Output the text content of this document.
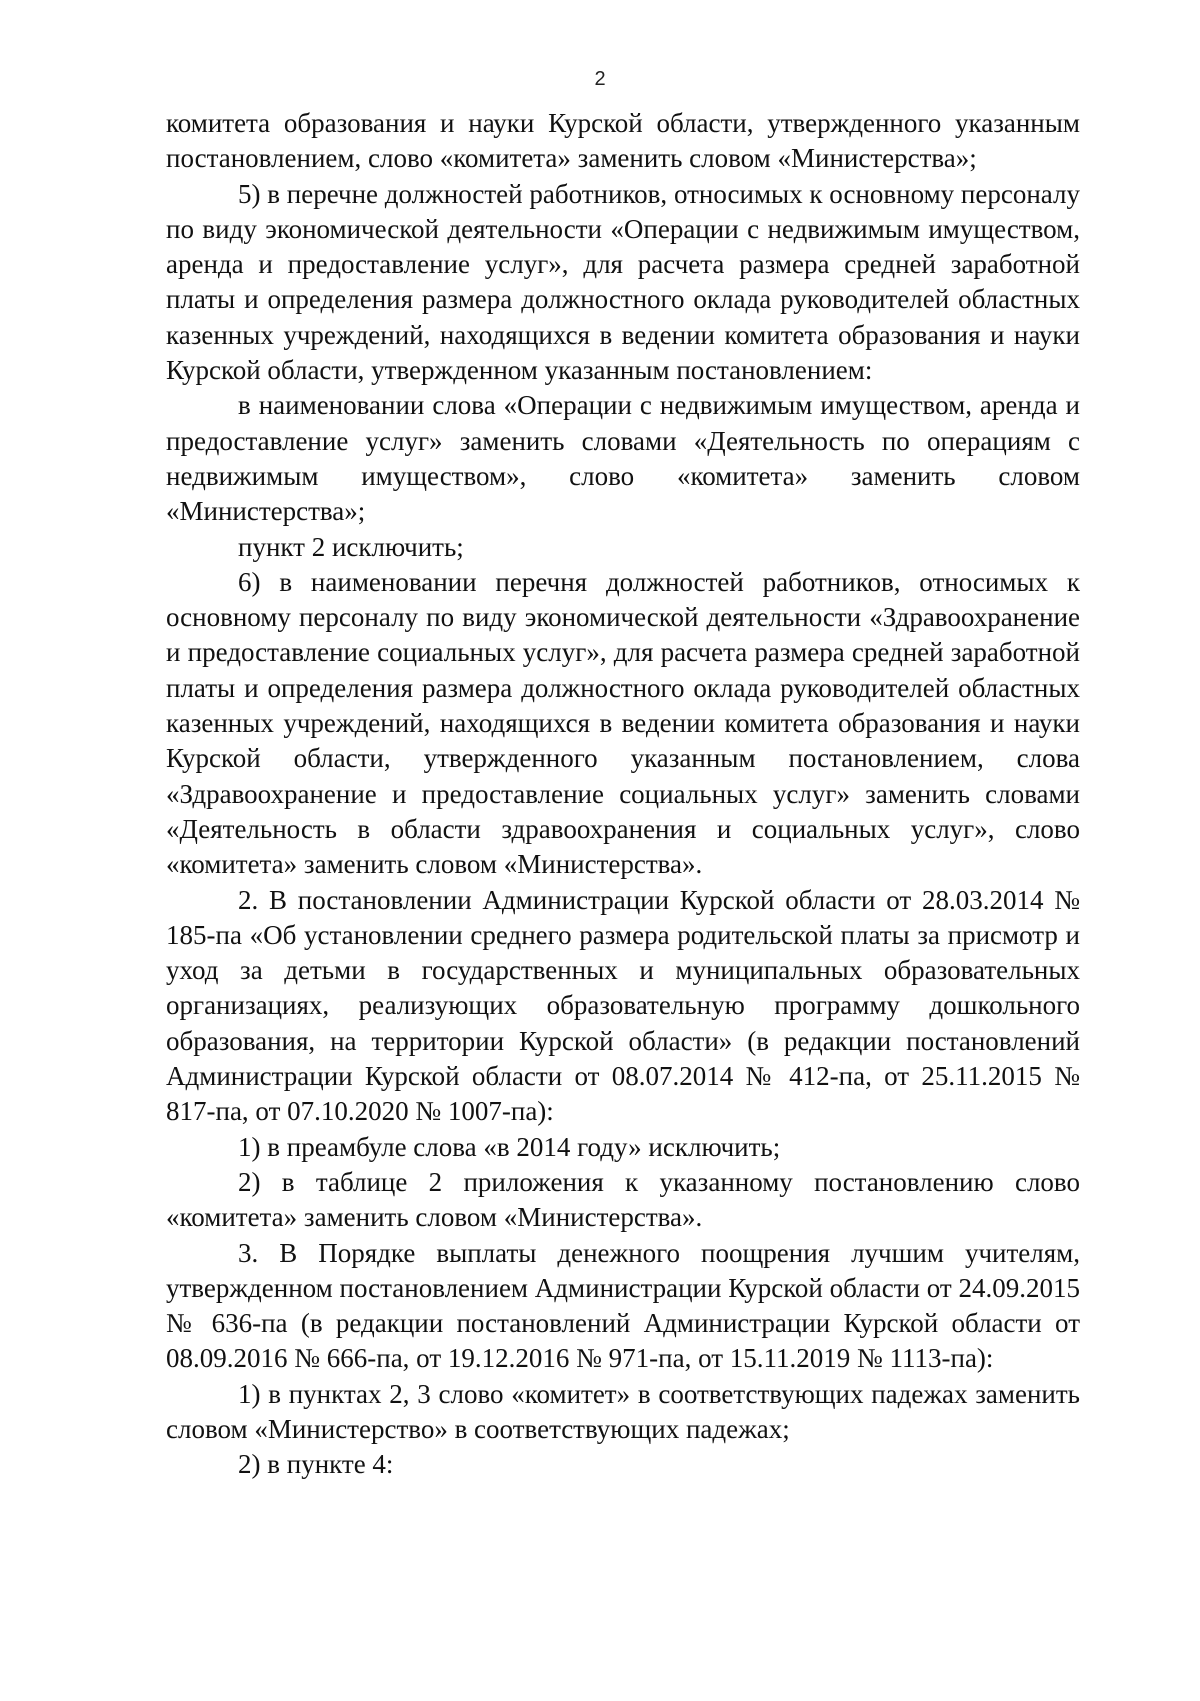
2

комитета образования и науки Курской области, утвержденного указанным постановлением, слово «комитета» заменить словом «Министерства»;

5) в перечне должностей работников, относимых к основному персоналу по виду экономической деятельности «Операции с недвижимым имуществом, аренда и предоставление услуг», для расчета размера средней заработной платы и определения размера должностного оклада руководителей областных казенных учреждений, находящихся в ведении комитета образования и науки Курской области, утвержденном указанным постановлением:

в наименовании слова «Операции с недвижимым имуществом, аренда и предоставление услуг» заменить словами «Деятельность по операциям с недвижимым имуществом», слово «комитета» заменить словом «Министерства»;

пункт 2 исключить;

6) в наименовании перечня должностей работников, относимых к основному персоналу по виду экономической деятельности «Здравоохранение и предоставление социальных услуг», для расчета размера средней заработной платы и определения размера должностного оклада руководителей областных казенных учреждений, находящихся в ведении комитета образования и науки Курской области, утвержденного указанным постановлением, слова «Здравоохранение и предоставление социальных услуг» заменить словами «Деятельность в области здравоохранения и социальных услуг», слово «комитета» заменить словом «Министерства».

2. В постановлении Администрации Курской области от 28.03.2014 № 185-па «Об установлении среднего размера родительской платы за присмотр и уход за детьми в государственных и муниципальных образовательных организациях, реализующих образовательную программу дошкольного образования, на территории Курской области» (в редакции постановлений Администрации Курской области от 08.07.2014 № 412-па, от 25.11.2015 № 817-па, от 07.10.2020 № 1007-па):

1) в преамбуле слова «в 2014 году» исключить;

2) в таблице 2 приложения к указанному постановлению слово «комитета» заменить словом «Министерства».

3. В Порядке выплаты денежного поощрения лучшим учителям, утвержденном постановлением Администрации Курской области от 24.09.2015 № 636-па (в редакции постановлений Администрации Курской области от 08.09.2016 № 666-па, от 19.12.2016 № 971-па, от 15.11.2019 № 1113-па):

1) в пунктах 2, 3 слово «комитет» в соответствующих падежах заменить словом «Министерство» в соответствующих падежах;

2) в пункте 4:
